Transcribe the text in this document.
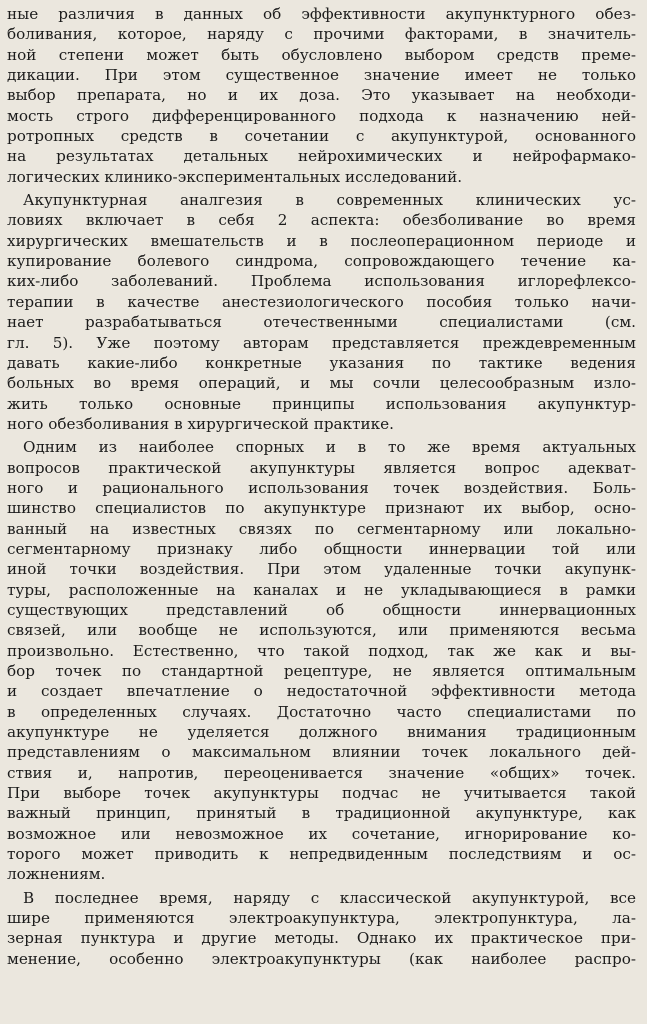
ные различия в данных об эффективности акупунктурного обез-
боливания, которое, наряду с прочими факторами, в значитель-
ной степени может быть обусловлено выбором средств преме-
дикации. При этом существенное значение имеет не только
выбор препарата, но и их доза. Это указывает на необходи-
мость строго дифференцированного подхода к назначению ней-
ротропных средств в сочетании с акупунктурой, основанного
на результатах детальных нейрохимических и нейрофармако-
логических клинико-экспериментальных исследований.
Акупунктурная аналгезия в современных клинических ус-
ловиях включает в себя 2 аспекта: обезболивание во время
хирургических вмешательств и в послеоперационном периоде и
купирование болевого синдрома, сопровождающего течение ка-
ких-либо заболеваний. Проблема использования иглорефлексо-
терапии в качестве анестезиологического пособия только начи-
нает разрабатываться отечественными специалистами (см.
гл. 5). Уже поэтому авторам представляется преждевременным
давать какие-либо конкретные указания по тактике ведения
больных во время операций, и мы сочли целесообразным изло-
жить только основные принципы использования акупунктур-
ного обезболивания в хирургической практике.
Одним из наиболее спорных и в то же время актуальных
вопросов практической акупунктуры является вопрос адекват-
ного и рационального использования точек воздействия. Боль-
шинство специалистов по акупунктуре признают их выбор, осно-
ванный на известных связях по сегментарному или локально-
сегментарному признаку либо общности иннервации той или
иной точки воздействия. При этом удаленные точки акупунк-
туры, расположенные на каналах и не укладывающиеся в рамки
существующих представлений об общности иннервационных
связей, или вообще не используются, или применяются весьма
произвольно. Естественно, что такой подход, так же как и вы-
бор точек по стандартной рецептуре, не является оптимальным
и создает впечатление о недостаточной эффективности метода
в определенных случаях. Достаточно часто специалистами по
акупунктуре не уделяется должного внимания традиционным
представлениям о максимальном влиянии точек локального дей-
ствия и, напротив, переоценивается значение «общих» точек.
При выборе точек акупунктуры подчас не учитывается такой
важный принцип, принятый в традиционной акупунктуре, как
возможное или невозможное их сочетание, игнорирование ко-
торого может приводить к непредвиденным последствиям и ос-
ложнениям.
В последнее время, наряду с классической акупунктурой, все
шире применяются электроакупунктура, электропунктура, ла-
зерная пунктура и другие методы. Однако их практическое при-
менение, особенно электроакупунктуры (как наиболее распро-
